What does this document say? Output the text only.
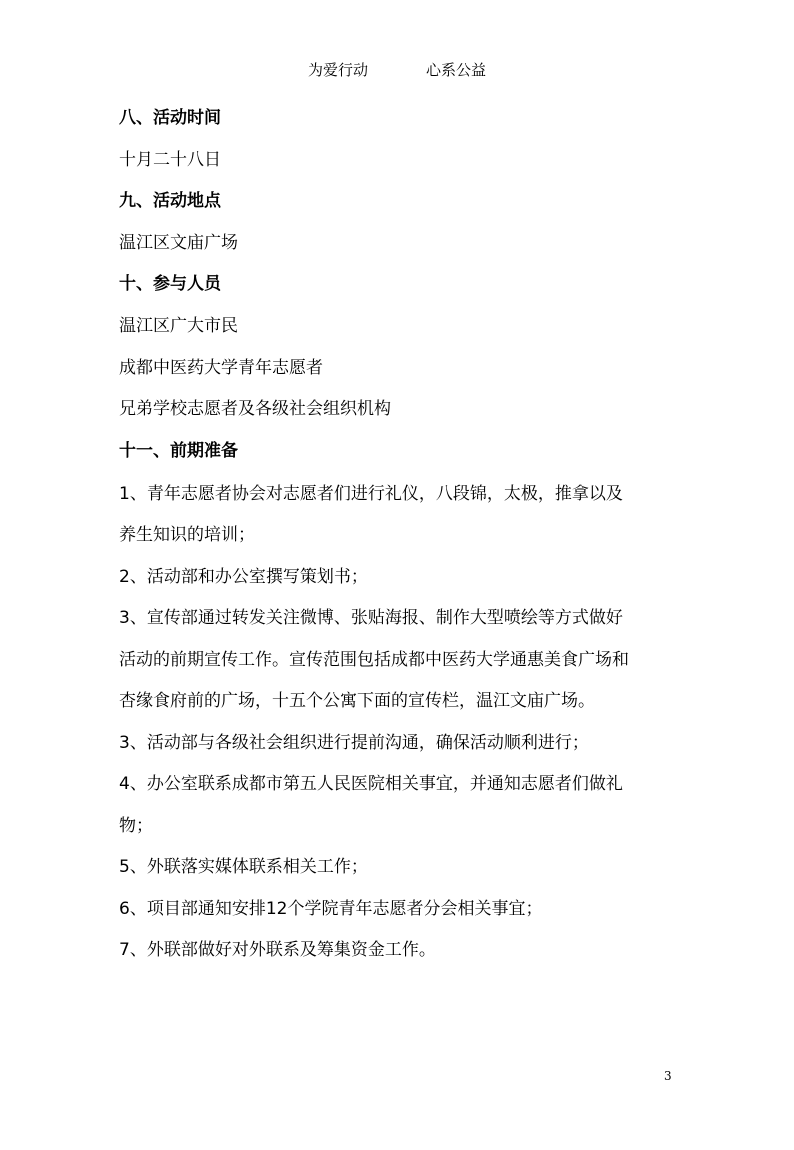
为爱行动	心系公益
八、活动时间
十月二十八日
九、活动地点
温江区文庙广场
十、参与人员
温江区广大市民
成都中医药大学青年志愿者
兄弟学校志愿者及各级社会组织机构
十一、前期准备
1、青年志愿者协会对志愿者们进行礼仪，八段锦，太极，推拿以及
养生知识的培训；
2、活动部和办公室撰写策划书；
3、宣传部通过转发关注微博、张贴海报、制作大型喷绘等方式做好
活动的前期宣传工作。宣传范围包括成都中医药大学通惠美食广场和
杏缘食府前的广场，十五个公寓下面的宣传栏，温江文庙广场。
3、活动部与各级社会组织进行提前沟通，确保活动顺利进行；
4、办公室联系成都市第五人民医院相关事宜，并通知志愿者们做礼
物；
5、外联落实媒体联系相关工作；
6、项目部通知安排12个学院青年志愿者分会相关事宜；
7、外联部做好对外联系及筹集资金工作。
3
